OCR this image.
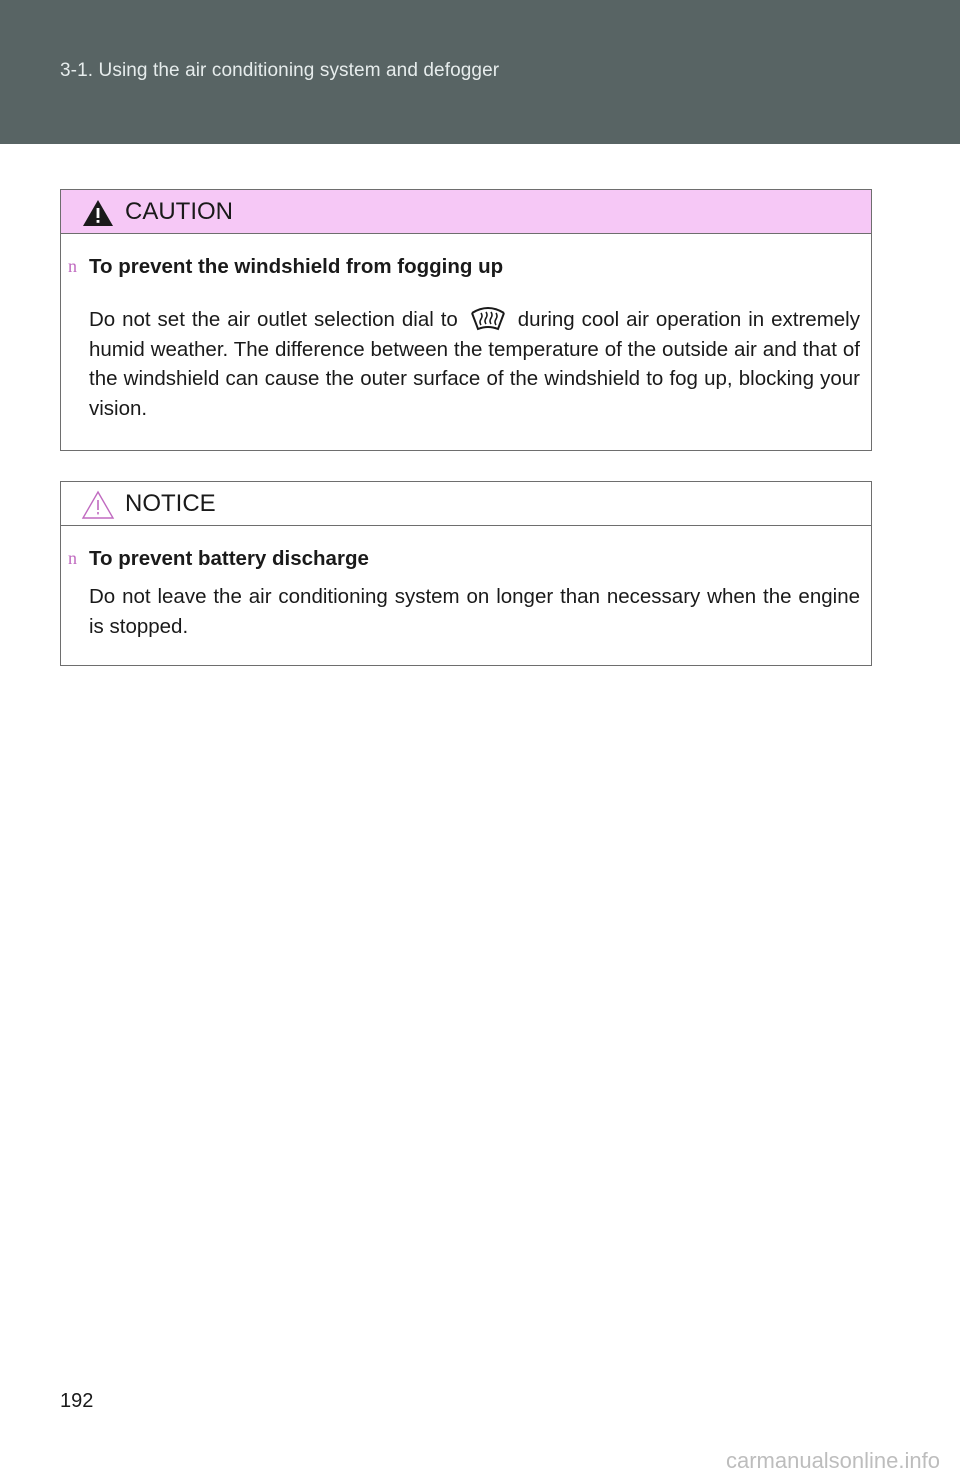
3-1. Using the air conditioning system and defogger
CAUTION
n To prevent the windshield from fogging up
Do not set the air outlet selection dial to	during cool air operation in extremely humid weather. The difference between the temperature of the outside air and that of the windshield can cause the outer surface of the windshield to fog up, blocking your vision.
NOTICE
n To prevent battery discharge
Do not leave the air conditioning system on longer than necessary when the engine is stopped.
192
carmanualsonline.info
